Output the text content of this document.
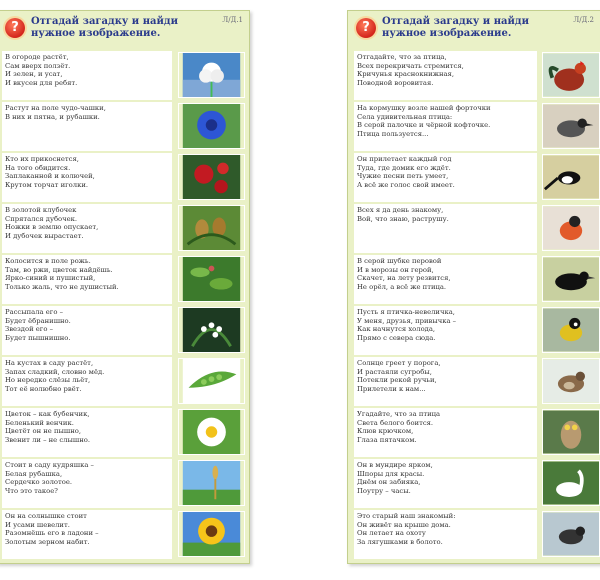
?	Отгадай загадку и найди нужное изображение.
Л/Д.1
В огороде растёт,
Сам вверх ползёт.
И зелен, и усат,
И вкусен для ребят.
Растут на поле чудо-чашки,
В них и пятна, и рубашки.
Кто их прикоснется,
На того обидится.
Заплаканной и колючей,
Крутом торчат иголки.
В золотой клубочек
Спрятался дубочек.
Ножки в землю опускает,
И дубочек вырастает.
Колосится в поле рожь.
Там, во ржи, цветок найдёшь.
Ярко-синий и пушистый,
Только жаль, что не душистый.
Рассыпала его –
Будет ёбранишно.
Звездой его –
Будет пышнишно.
На кустах в саду растёт,
Запах сладкий, словно мёд.
Но нередко слёзы льёт,
Тот её нолюбно рвёт.
Цветок – как бубенчик,
Беленький венчик.
Цветёт он не пышно,
Звенит ли – не слышно.
Стоит в саду кудряшка –
Белая рубашка,
Сердечко золотое.
Что это такое?
Он на солнышке стоит
И усами шевелит.
Разомнёшь его в ладони –
Золотым зерном набит.
?	Отгадай загадку и найди нужное изображение.
Л/Д.2
Отгадайте, что за птица,
Всех перекричать стремится,
Кричунья краснокнижная,
Поводной воровитая.
На кормушку возле нашей форточки
Села удивительная птица:
В серой палочке и чёрной кофточке.
Птица пользуется...
Он прилетает каждый год
Туда, где домик его ждёт.
Чужие песни петь умеет,
А всё же голос свой имеет.
Всех я да день знакому,
Вой, что знаю, раструшу.
В серой шубке перовой
И в морозы он герой,
Скачет, на лету резвится,
Не орёл, а всё же птица.
Пусть я птичка-невеличка,
У меня, друзья, привычка –
Как начнутся холода,
Прямо с севера сюда.
Солнце греет у порога,
И растаяли сугробы,
Потекли рекой ручьи,
Прилетели к нам...
Угадайте, что за птица
Света белого боится.
Клюв крючком,
Глаза пятачком.
Он в мундире ярком,
Шпоры для красы.
Днём он забияка,
Поутру – часы.
Это старый наш знакомый:
Он живёт на крыше дома.
Он летает на охоту
За лягушками в болото.
